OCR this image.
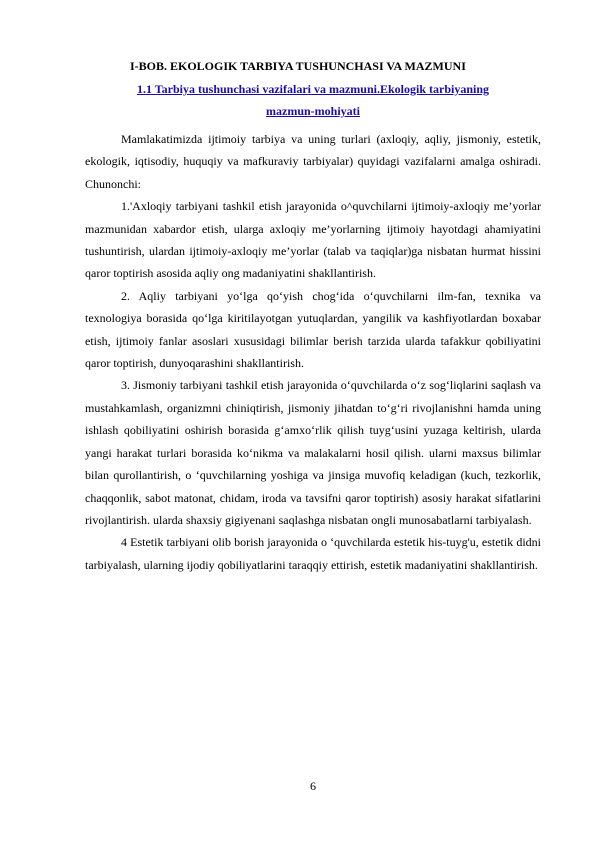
I-BOB. EKOLOGIK TARBIYA TUSHUNCHASI VA MAZMUNI
1.1 Tarbiya tushunchasi vazifalari va mazmuni.Ekologik tarbiyaning
mazmun-mohiyati

Mamlakatimizda ijtimoiy tarbiya va uning turlari (axloqiy, aqliy, jismoniy, estetik, ekologik, iqtisodiy, huquqiy va mafkuraviy tarbiyalar) quyidagi vazifalarni amalga oshiradi. Chunonchi:

1.'Axloqiy tarbiyani tashkil etish jarayonida o^quvchilarni ijtimoiy-axloqiy me’yorlar mazmunidan xabardor etish, ularga axloqiy me’yorlarning ijtimoiy hayotdagi ahamiyatini tushuntirish, ulardan ijtimoiy-axloqiy me’yorlar (talab va taqiqlar)ga nisbatan hurmat hissini qaror toptirish asosida aqliy ong madaniyatini shakllantirish.

2. Aqliy tarbiyani yo‘lga qo‘yish chog‘ida o‘quvchilarni ilm-fan, texnika va texnologiya borasida qo‘lga kiritilayotgan yutuqlardan, yangilik va kashfiyotlardan boxabar etish, ijtimoiy fanlar asoslari xususidagi bilimlar berish tarzida ularda tafakkur qobiliyatini qaror toptirish, dunyoqarashini shakllantirish.

3. Jismoniy tarbiyani tashkil etish jarayonida o‘quvchilarda o‘z sog‘liqlarini saqlash va mustahkamlash, organizmni chiniqtirish, jismoniy jihatdan to‘g‘ri rivojlanishni hamda uning ishlash qobiliyatini oshirish borasida g‘amxo‘rlik qilish tuyg‘usini yuzaga keltirish, ularda yangi harakat turlari borasida ko‘nikma va malakalarni hosil qilish. ularni maxsus bilimlar bilan qurollantirish, o ‘quvchilarning yoshiga va jinsiga muvofiq keladigan (kuch, tezkorlik, chaqqonlik, sabot matonat, chidam, iroda va tavsifni qaror toptirish) asosiy harakat sifatlarini rivojlantirish. ularda shaxsiy gigiyenani saqlashga nisbatan ongli munosabatlarni tarbiyalash.

4 Estetik tarbiyani olib borish jarayonida o ‘quvchilarda estetik his-tuyg'u, estetik didni tarbiyalash, ularning ijodiy qobiliyatlarini taraqqiy ettirish, estetik madaniyatini shakllantirish.

6
